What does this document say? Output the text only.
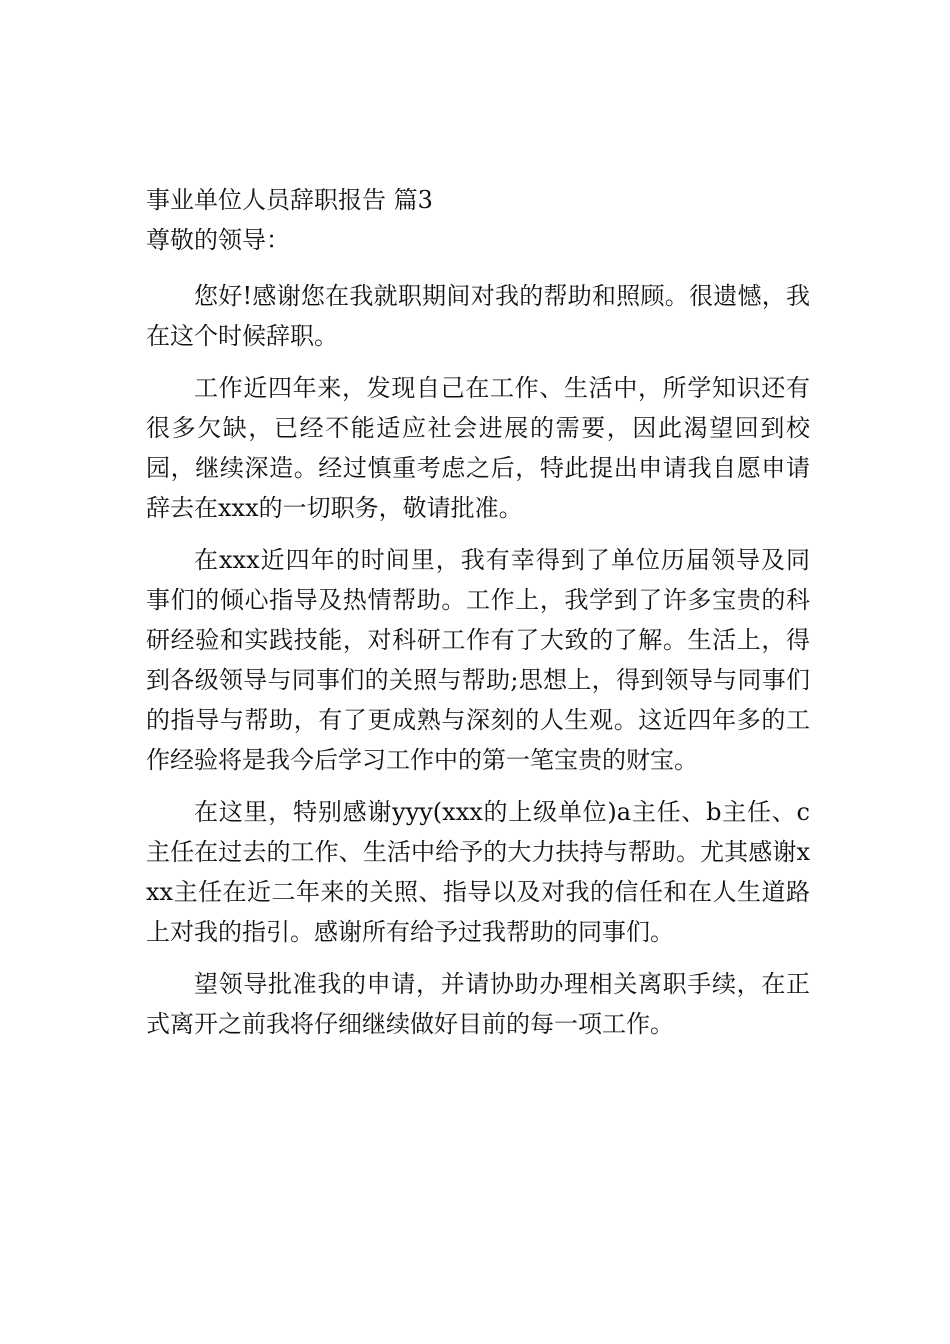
事业单位人员辞职报告 篇3
尊敬的领导：

您好!感谢您在我就职期间对我的帮助和照顾。很遗憾，我在这个时候辞职。

工作近四年来，发现自己在工作、生活中，所学知识还有很多欠缺，已经不能适应社会进展的需要，因此渴望回到校园，继续深造。经过慎重考虑之后，特此提出申请我自愿申请辞去在xxx的一切职务，敬请批准。

在xxx近四年的时间里，我有幸得到了单位历届领导及同事们的倾心指导及热情帮助。工作上，我学到了许多宝贵的科研经验和实践技能，对科研工作有了大致的了解。生活上，得到各级领导与同事们的关照与帮助;思想上，得到领导与同事们的指导与帮助，有了更成熟与深刻的人生观。这近四年多的工作经验将是我今后学习工作中的第一笔宝贵的财宝。

在这里，特别感谢yyy(xxx的上级单位)a主任、b主任、c主任在过去的工作、生活中给予的大力扶持与帮助。尤其感谢xxx主任在近二年来的关照、指导以及对我的信任和在人生道路上对我的指引。感谢所有给予过我帮助的同事们。

望领导批准我的申请，并请协助办理相关离职手续，在正式离开之前我将仔细继续做好目前的每一项工作。
